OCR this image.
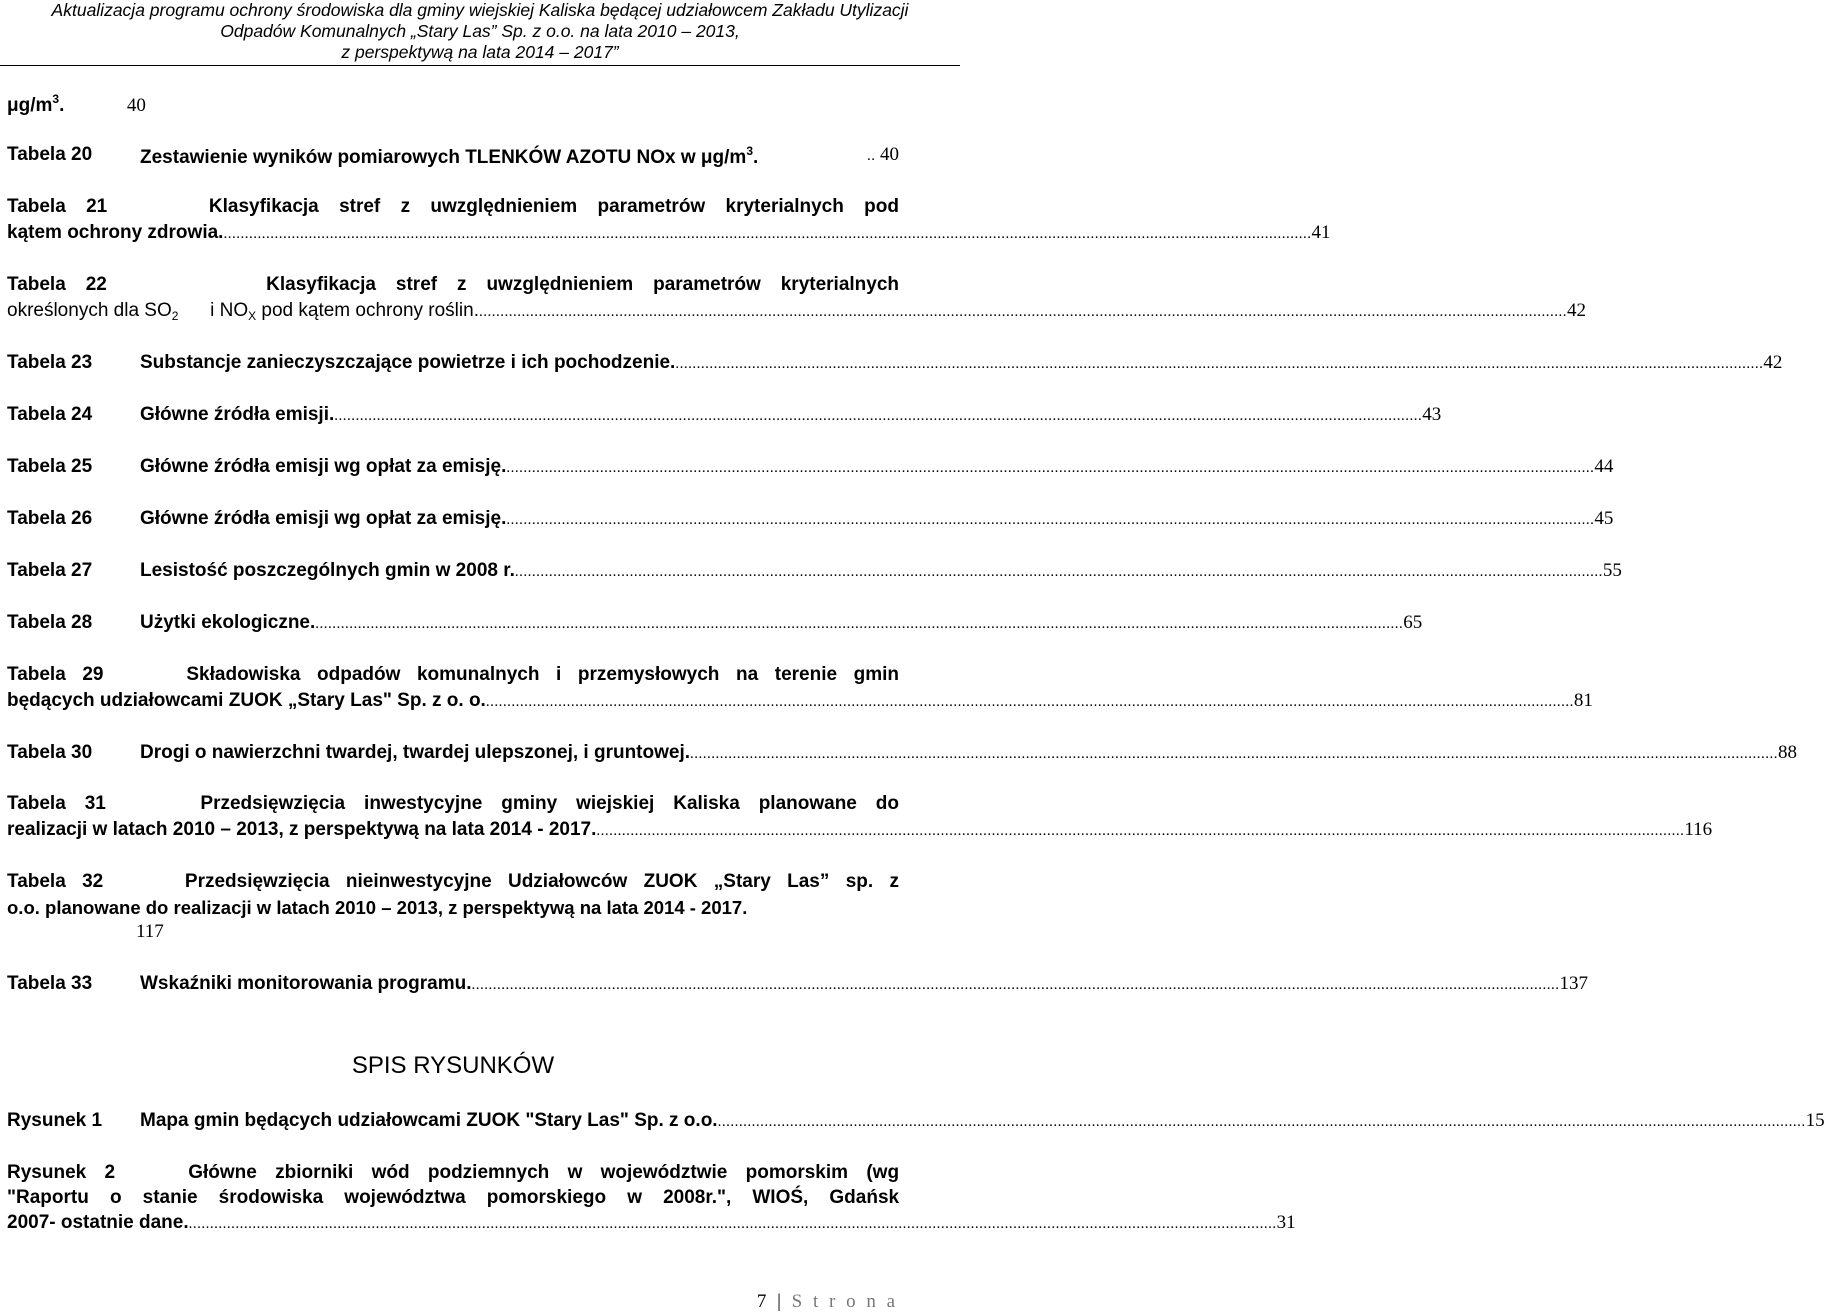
Aktualizacja programu ochrony środowiska dla gminy wiejskiej Kaliska będącej udziałowcem Zakładu Utylizacji
Odpadów Komunalnych „Stary Las” Sp. z o.o. na lata 2010 – 2013,
z perspektywą na lata 2014 – 2017”
$\mu g/m^3$.	40
Tabela 20	Zestawienie wyników pomiarowych TLENKÓW AZOTU NOx w $\mu g/m^3$.	.. 40
Tabela 21	Klasyfikacja stref z uwzględnieniem parametrów kryterialnych pod
kątem ochrony zdrowia. ................................................................................................................................................................................................................................................................ 41
Tabela 22	Klasyfikacja stref z uwzględnieniem parametrów kryterialnych
określonych dla $SO_2$ i $NO_X$ pod kątem ochrony roślin. ................................................................................................................................................................................................................................................................ 42
Tabela 23	Substancje zanieczyszczające powietrze i ich pochodzenie. ................................................................................................................................................................................................................................................................ 42
Tabela 24	Główne źródła emisji. ................................................................................................................................................................................................................................................................ 43
Tabela 25	Główne źródła emisji wg opłat za emisję. ................................................................................................................................................................................................................................................................ 44
Tabela 26	Główne źródła emisji wg opłat za emisję. ................................................................................................................................................................................................................................................................ 45
Tabela 27	Lesistość poszczególnych gmin w 2008 r. ................................................................................................................................................................................................................................................................ 55
Tabela 28	Użytki ekologiczne. ................................................................................................................................................................................................................................................................ 65
Tabela 29	Składowiska odpadów komunalnych i przemysłowych na terenie gmin
będących udziałowcami ZUOK „Stary Las" Sp. z o. o. ................................................................................................................................................................................................................................................................ 81
Tabela 30	Drogi o nawierzchni twardej, twardej ulepszonej, i gruntowej. ................................................................................................................................................................................................................................................................ 88
Tabela 31	Przedsięwzięcia inwestycyjne gminy wiejskiej Kaliska planowane do
realizacji w latach 2010 – 2013, z perspektywą na lata 2014 - 2017. ................................................................................................................................................................................................................................................................ 116
Tabela 32	Przedsięwzięcia nieinwestycyjne Udziałowców ZUOK „Stary Las” sp. z
o.o. planowane do realizacji w latach 2010 – 2013, z perspektywą na lata 2014 - 2017.
117
Tabela 33	Wskaźniki monitorowania programu. ................................................................................................................................................................................................................................................................ 137
SPIS RYSUNKÓW
Rysunek 1 Mapa gmin będących udziałowcami ZUOK "Stary Las" Sp. z o.o. ................................................................................................................................................................................................................................................................ 15
Rysunek 2	Główne zbiorniki wód podziemnych w województwie pomorskim (wg
"Raportu o stanie środowiska województwa pomorskiego w 2008r.", WIOŚ, Gdańsk
2007- ostatnie dane. ................................................................................................................................................................................................................................................................ 31
7 | S t r o n a
